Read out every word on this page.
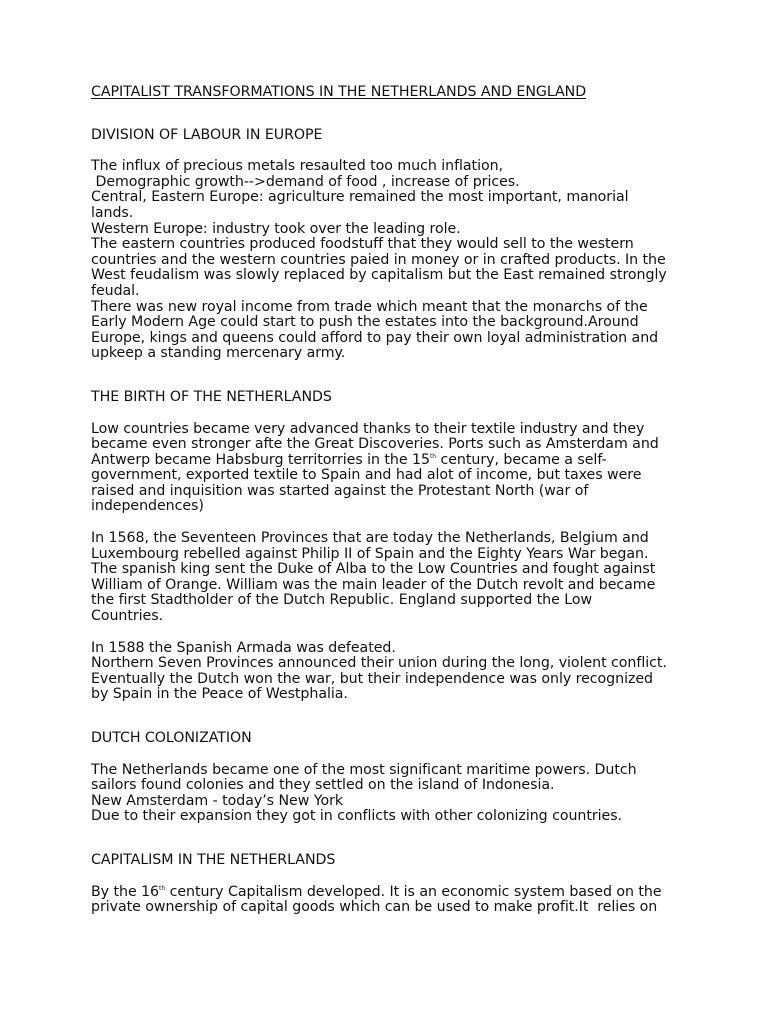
CAPITALIST TRANSFORMATIONS IN THE NETHERLANDS AND ENGLAND
DIVISION OF LABOUR IN EUROPE
The influx of precious metals resaulted too much inflation,
Demographic growth-->demand of food , increase of prices.
Central, Eastern Europe: agriculture remained the most important, manorial
lands.
Western Europe: industry took over the leading role.
The eastern countries produced foodstuff that they would sell to the western
countries and the western countries paied in money or in crafted products. In the
West feudalism was slowly replaced by capitalism but the East remained strongly
feudal.
There was new royal income from trade which meant that the monarchs of the
Early Modern Age could start to push the estates into the background.Around
Europe, kings and queens could afford to pay their own loyal administration and
upkeep a standing mercenary army.
THE BIRTH OF THE NETHERLANDS
Low countries became very advanced thanks to their textile industry and they
became even stronger afte the Great Discoveries. Ports such as Amsterdam and
Antwerp became Habsburg territorries in the 15th century, became a self-
government, exported textile to Spain and had alot of income, but taxes were
raised and inquisition was started against the Protestant North (war of
independences)
In 1568, the Seventeen Provinces that are today the Netherlands, Belgium and
Luxembourg rebelled against Philip II of Spain and the Eighty Years War began.
The spanish king sent the Duke of Alba to the Low Countries and fought against
William of Orange. William was the main leader of the Dutch revolt and became
the first Stadtholder of the Dutch Republic. England supported the Low
Countries.
In 1588 the Spanish Armada was defeated.
Northern Seven Provinces announced their union during the long, violent conflict.
Eventually the Dutch won the war, but their independence was only recognized
by Spain in the Peace of Westphalia.
DUTCH COLONIZATION
The Netherlands became one of the most significant maritime powers. Dutch
sailors found colonies and they settled on the island of Indonesia.
New Amsterdam - today’s New York
Due to their expansion they got in conflicts with other colonizing countries.
CAPITALISM IN THE NETHERLANDS
By the 16th century Capitalism developed. It is an economic system based on the
private ownership of capital goods which can be used to make profit.It  relies on
